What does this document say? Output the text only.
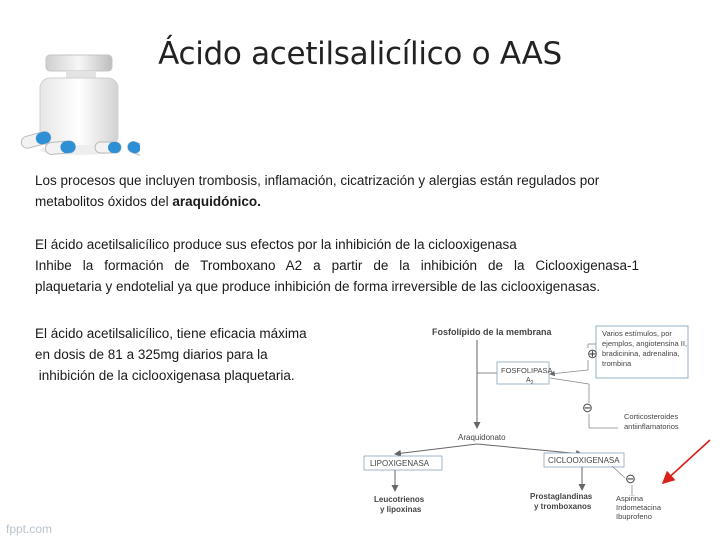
Ácido acetilsalicílico o AAS
Los procesos que incluyen trombosis, inflamación, cicatrización y alergias están regulados por
metabolitos óxidos del araquidónico.
El ácido acetilsalicílico produce sus efectos por la inhibición de la ciclooxigenasa
Inhibe la formación de Tromboxano A2 a partir de la inhibición de la Ciclooxigenasa-1
plaquetaria y endotelial ya que produce inhibición de forma irreversible de las ciclooxigenasas.
El ácido acetilsalicílico, tiene eficacia máxima
en dosis de 81 a 325mg diarios para la
inhibición de la ciclooxigenasa plaquetaria.
Fosfolípido de la membrana	Varios estímulos, por ejemplos, angiotensina II, bradicinina, adrenalina, trombina
⊕
FOSFOLIPASA
$A_2$
⊖
Corticosteroides antiinflamatorios
Araquidonato
LIPOXIGENASA	CICLOOXIGENASA
⊖
Leucotrienos y lipoxinas
Prostaglandinas y tromboxanos
Aspirina Indometacina Ibuprofeno
fppt.com
